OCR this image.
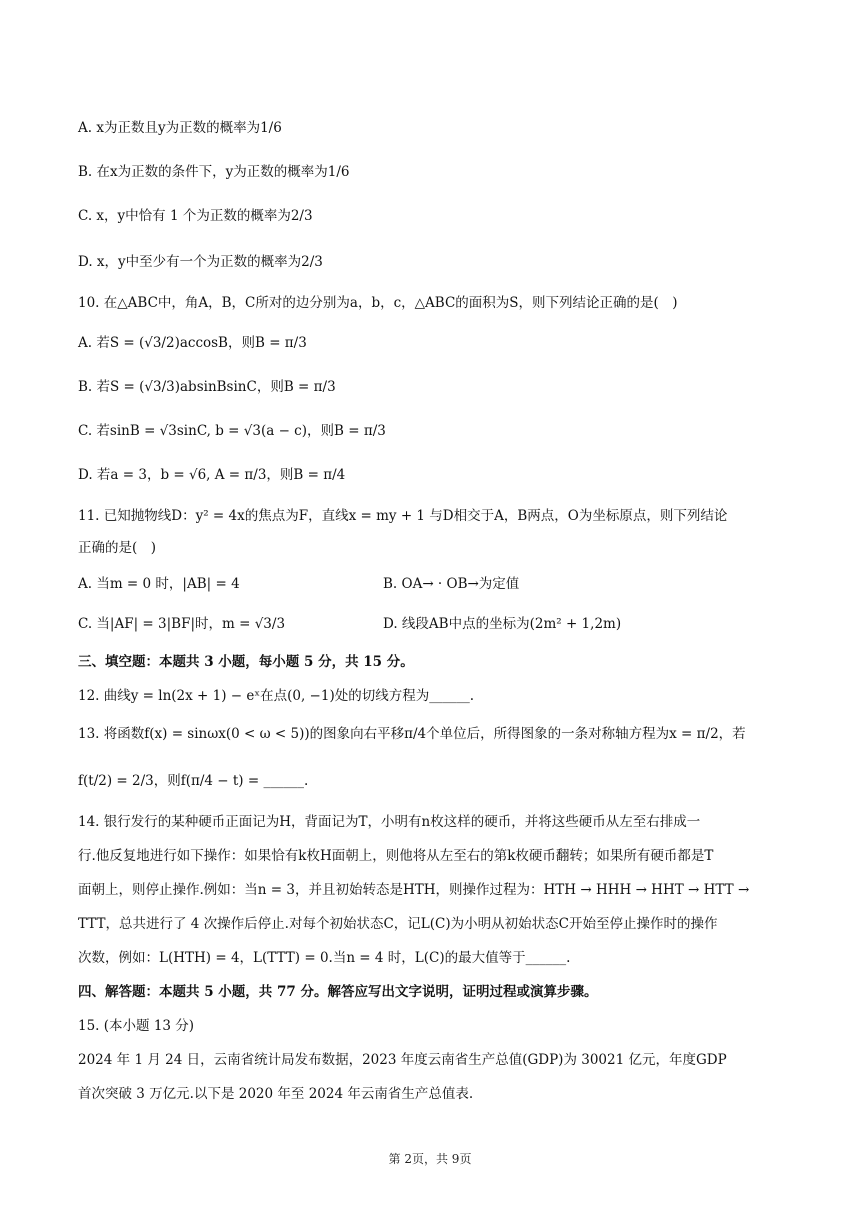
A. x为正数且y为正数的概率为1/6
B. 在x为正数的条件下，y为正数的概率为1/6
C. x，y中恰有 1 个为正数的概率为2/3
D. x，y中至少有一个为正数的概率为2/3
10. 在△ABC中，角A，B，C所对的边分别为a，b，c，△ABC的面积为S，则下列结论正确的是(　)
A. 若S = (√3/2)accosB，则B = π/3
B. 若S = (√3/3)absinBsinC，则B = π/3
C. 若sinB = √3sinC, b = √3(a − c)，则B = π/3
D. 若a = 3，b = √6, A = π/3，则B = π/4
11. 已知抛物线D：y² = 4x的焦点为F，直线x = my + 1 与D相交于A，B两点，O为坐标原点，则下列结论
正确的是(　)
A. 当m = 0 时，|AB| = 4	B. OA→ · OB→为定值
C. 当|AF| = 3|BF|时，m = √3/3	D. 线段AB中点的坐标为(2m² + 1,2m)
三、填空题：本题共 3 小题，每小题 5 分，共 15 分。
12. 曲线y = ln(2x + 1) − eˣ在点(0, −1)处的切线方程为______.
13. 将函数f(x) = sinωx(0 < ω < 5))的图象向右平移π/4个单位后，所得图象的一条对称轴方程为x = π/2，若
f(t/2) = 2/3，则f(π/4 − t) = ______.
14. 银行发行的某种硬币正面记为H，背面记为T，小明有n枚这样的硬币，并将这些硬币从左至右排成一
行.他反复地进行如下操作：如果恰有k枚H面朝上，则他将从左至右的第k枚硬币翻转；如果所有硬币都是T
面朝上，则停止操作.例如：当n = 3，并且初始转态是HTH，则操作过程为：HTH → HHH → HHT → HTT →
TTT，总共进行了 4 次操作后停止.对每个初始状态C，记L(C)为小明从初始状态C开始至停止操作时的操作
次数，例如：L(HTH) = 4，L(TTT) = 0.当n = 4 时，L(C)的最大值等于______.
四、解答题：本题共 5 小题，共 77 分。解答应写出文字说明，证明过程或演算步骤。
15. (本小题 13 分)
2024 年 1 月 24 日，云南省统计局发布数据，2023 年度云南省生产总值(GDP)为 30021 亿元，年度GDP
首次突破 3 万亿元.以下是 2020 年至 2024 年云南省生产总值表.
第 2页，共 9页
